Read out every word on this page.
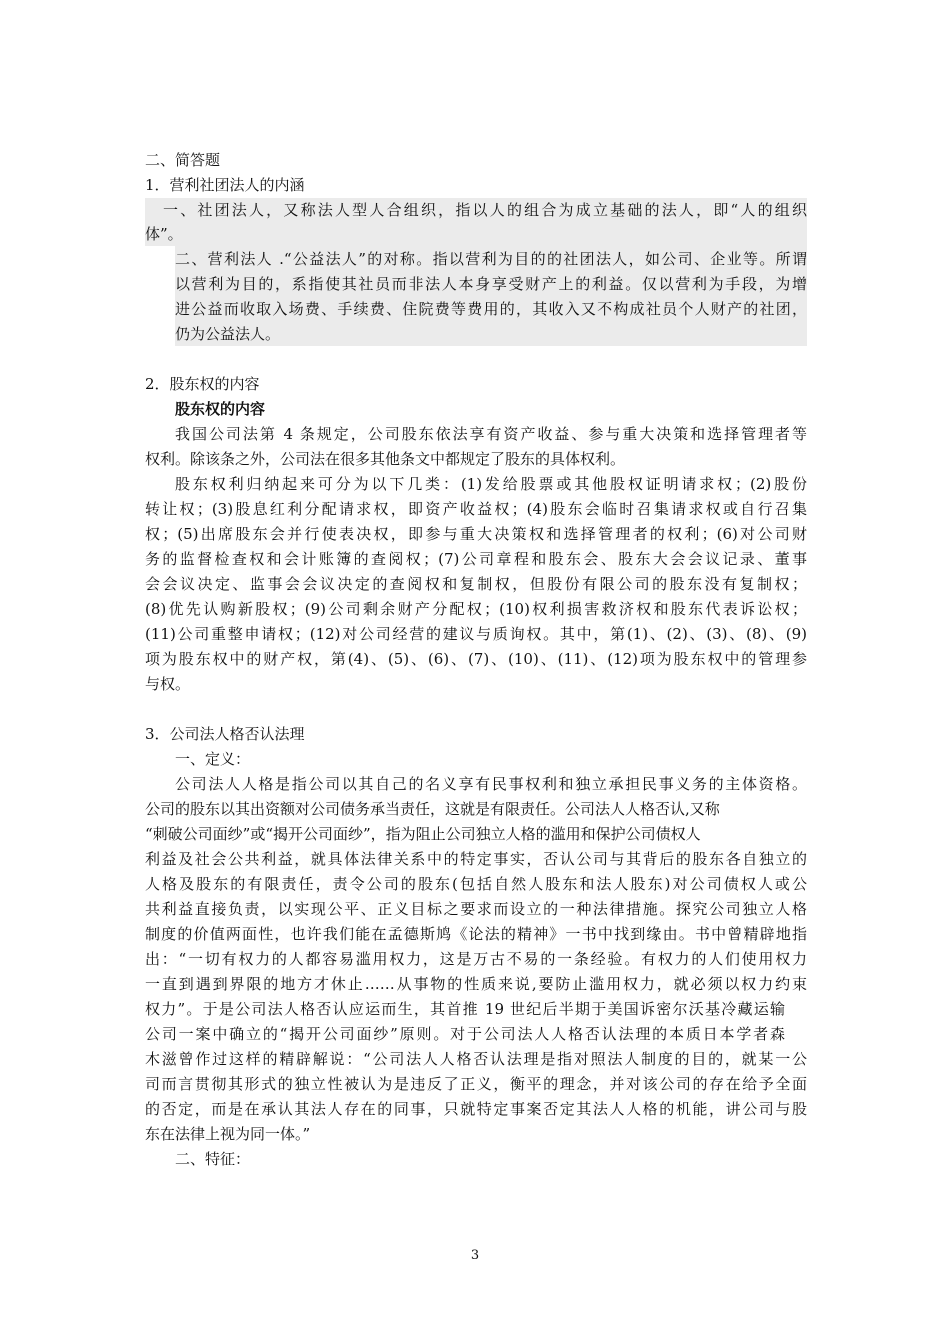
二、简答题
1．营利社团法人的内涵
一、社团法人，又称法人型人合组织，指以人的组合为成立基础的法人，即“人的组织
体”。
二、营利法人 .“公益法人”的对称。指以营利为目的的社团法人，如公司、企业等。所谓
以营利为目的，系指使其社员而非法人本身享受财产上的利益。仅以营利为手段，为增
进公益而收取入场费、手续费、住院费等费用的，其收入又不构成社员个人财产的社团，
仍为公益法人。
2．股东权的内容
股东权的内容
我国公司法第 4 条规定，公司股东依法享有资产收益、参与重大决策和选择管理者等
权利。除该条之外，公司法在很多其他条文中都规定了股东的具体权利。
股东权利归纳起来可分为以下几类：(1)发给股票或其他股权证明请求权；(2)股份
转让权；(3)股息红利分配请求权，即资产收益权；(4)股东会临时召集请求权或自行召集
权；(5)出席股东会并行使表决权，即参与重大决策权和选择管理者的权利；(6)对公司财
务的监督检查权和会计账簿的查阅权；(7)公司章程和股东会、股东大会会议记录、董事
会会议决定、监事会会议决定的查阅权和复制权，但股份有限公司的股东没有复制权；
(8)优先认购新股权；(9)公司剩余财产分配权；(10)权利损害救济权和股东代表诉讼权；
(11)公司重整申请权；(12)对公司经营的建议与质询权。其中，第(1)、(2)、(3)、(8)、(9)
项为股东权中的财产权，第(4)、(5)、(6)、(7)、(10)、(11)、(12)项为股东权中的管理参
与权。
3．公司法人格否认法理
一、定义：
公司法人人格是指公司以其自己的名义享有民事权利和独立承担民事义务的主体资格。
公司的股东以其出资额对公司债务承当责任，这就是有限责任。公司法人人格否认,又称
“刺破公司面纱”或“揭开公司面纱”，指为阻止公司独立人格的滥用和保护公司债权人
利益及社会公共利益，就具体法律关系中的特定事实，否认公司与其背后的股东各自独立的
人格及股东的有限责任，责令公司的股东(包括自然人股东和法人股东)对公司债权人或公
共利益直接负责，以实现公平、正义目标之要求而设立的一种法律措施。探究公司独立人格
制度的价值两面性，也许我们能在孟德斯鸠《论法的精神》一书中找到缘由。书中曾精辟地指
出：“一切有权力的人都容易滥用权力，这是万古不易的一条经验。有权力的人们使用权力
一直到遇到界限的地方才休止……从事物的性质来说,要防止滥用权力，就必须以权力约束
权力”。于是公司法人格否认应运而生，其首推 19 世纪后半期于美国诉密尔沃基冷藏运输
公司一案中确立的“揭开公司面纱”原则。对于公司法人人格否认法理的本质日本学者森
木滋曾作过这样的精辟解说：“公司法人人格否认法理是指对照法人制度的目的，就某一公
司而言贯彻其形式的独立性被认为是违反了正义，衡平的理念，并对该公司的存在给予全面
的否定，而是在承认其法人存在的同事，只就特定事案否定其法人人格的机能，讲公司与股
东在法律上视为同一体。”
二、特征：
3
